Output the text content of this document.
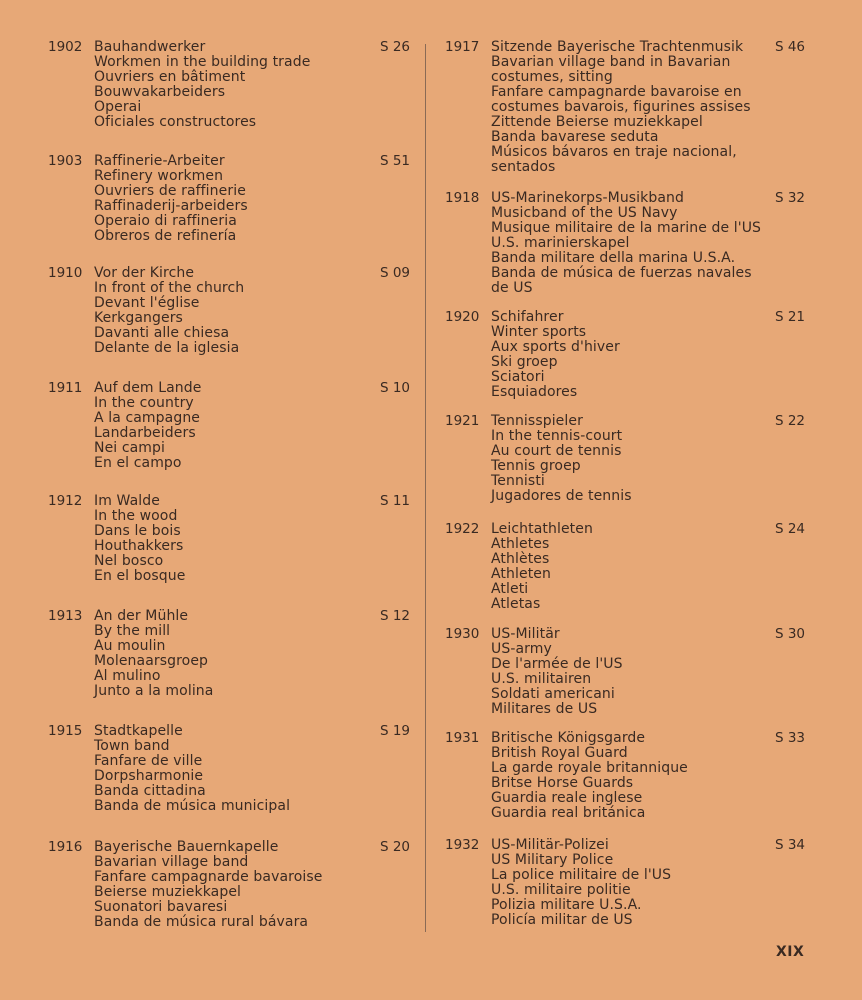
1902 Bauhandwerker
Workmen in the building trade
Ouvriers en bâtiment
Bouwvakarbeiders
Operai
Oficiales constructores
S 26
1903 Raffinerie-Arbeiter
Refinery workmen
Ouvriers de raffinerie
Raffinaderij-arbeiders
Operaio di raffineria
Obreros de refinería
S 51
1910 Vor der Kirche
In front of the church
Devant l'église
Kerkgangers
Davanti alle chiesa
Delante de la iglesia
S 09
1911 Auf dem Lande
In the country
A la campagne
Landarbeiders
Nei campi
En el campo
S 10
1912 Im Walde
In the wood
Dans le bois
Houthakkers
Nel bosco
En el bosque
S 11
1913 An der Mühle
By the mill
Au moulin
Molenaarsgroep
Al mulino
Junto a la molina
S 12
1915 Stadtkapelle
Town band
Fanfare de ville
Dorpsharmonie
Banda cittadina
Banda de música municipal
S 19
1916 Bayerische Bauernkapelle
Bavarian village band
Fanfare campagnarde bavaroise
Beierse muziekkapel
Suonatori bavaresi
Banda de música rural bávara
S 20
1917 Sitzende Bayerische Trachtenmusik
Bavarian village band in Bavarian
costumes, sitting
Fanfare campagnarde bavaroise en
costumes bavarois, figurines assises
Zittende Beierse muziekkapel
Banda bavarese seduta
Músicos bávaros en traje nacional,
sentados
S 46
1918 US-Marinekorps-Musikband
Musicband of the US Navy
Musique militaire de la marine de l'US
U.S. marinierskapel
Banda militare della marina U.S.A.
Banda de música de fuerzas navales
de US
S 32
1920 Schifahrer
Winter sports
Aux sports d'hiver
Ski groep
Sciatori
Esquiadores
S 21
1921 Tennisspieler
In the tennis-court
Au court de tennis
Tennis groep
Tennisti
Jugadores de tennis
S 22
1922 Leichtathleten
Athletes
Athlètes
Athleten
Atleti
Atletas
S 24
1930 US-Militär
US-army
De l'armée de l'US
U.S. militairen
Soldati americani
Militares de US
S 30
1931 Britische Königsgarde
British Royal Guard
La garde royale britannique
Britse Horse Guards
Guardia reale inglese
Guardia real británica
S 33
1932 US-Militär-Polizei
US Military Police
La police militaire de l'US
U.S. militaire politie
Polizia militare U.S.A.
Policía militar de US
S 34
XIX
